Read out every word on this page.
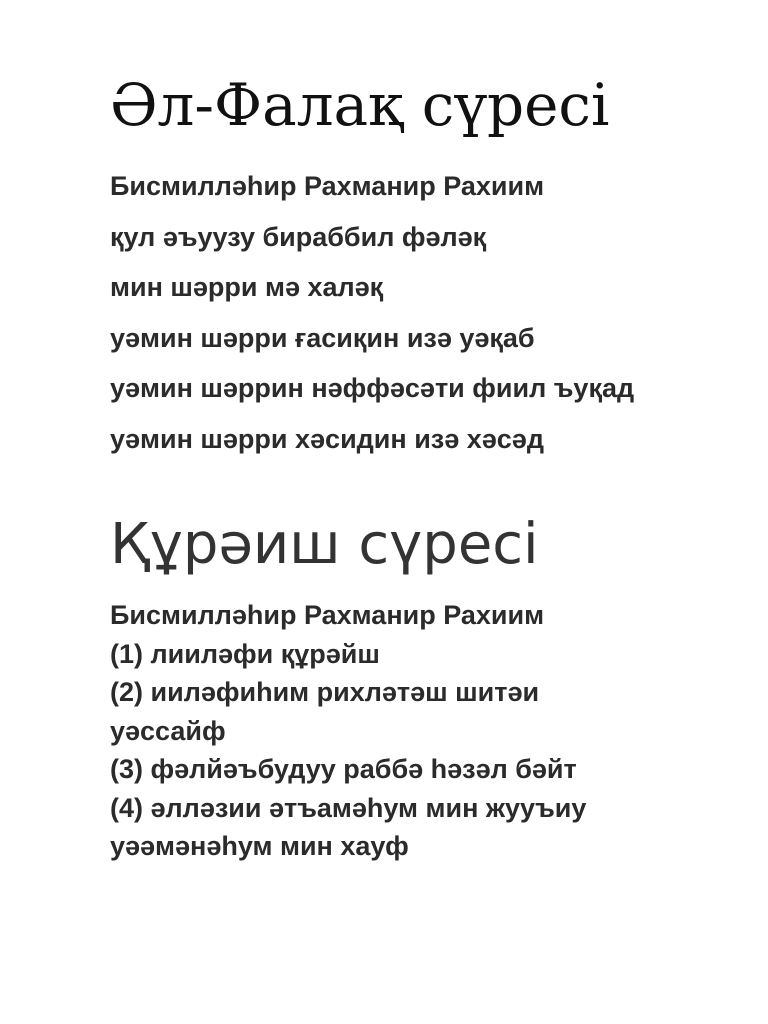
Әл-Фалақ сүресі
Бисмилләһир Рахманир Рахиим
қул әъуузу бираббил фәләқ
мин шәрри мә халәқ
уәмин шәрри ғасиқин изә уәқаб
уәмин шәррин нәффәсәти фиил ъуқад
уәмин шәрри хәсидин изә хәсәд
Құрәиш сүресі
Бисмилләһир Рахманир Рахиим
(1) лииләфи құрәйш
(2) ииләфиһим рихләтәш шитәи уәссайф
(3) фәлйәъбудуу раббә һәзәл бәйт
(4) әлләзии әтъамәһум мин жууъиу уәәмәнәһум мин хауф
